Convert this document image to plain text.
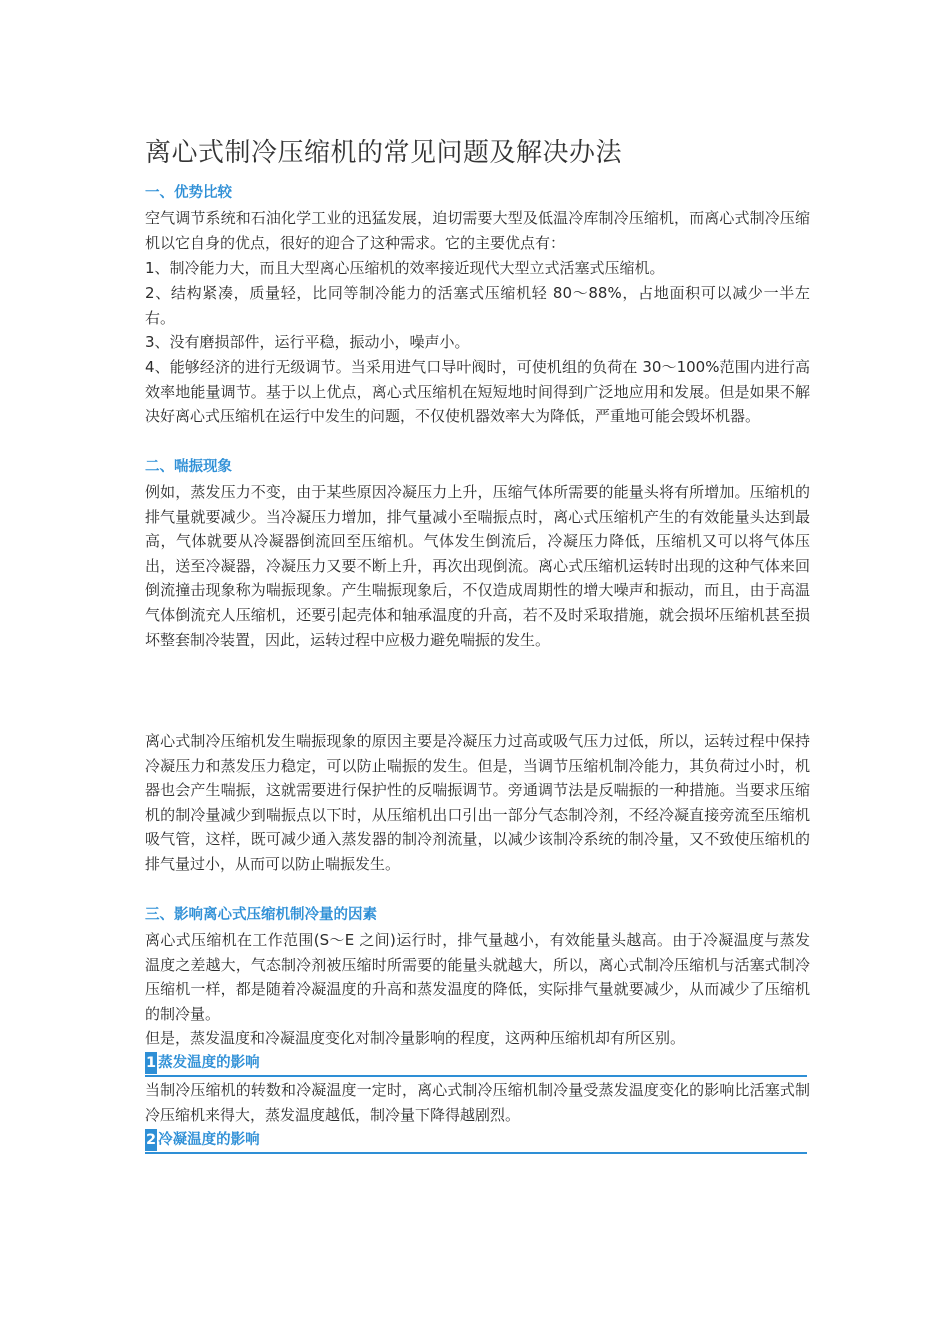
离心式制冷压缩机的常见问题及解决办法
一、优势比较
空气调节系统和石油化学工业的迅猛发展，迫切需要大型及低温冷库制冷压缩机，而离心式制冷压缩机以它自身的优点，很好的迎合了这种需求。它的主要优点有：
1、制冷能力大，而且大型离心压缩机的效率接近现代大型立式活塞式压缩机。
2、结构紧凑，质量轻，比同等制冷能力的活塞式压缩机轻 80～88%，占地面积可以减少一半左右。
3、没有磨损部件，运行平稳，振动小，噪声小。
4、能够经济的进行无级调节。当采用进气口导叶阀时，可使机组的负荷在 30～100%范围内进行高效率地能量调节。基于以上优点，离心式压缩机在短短地时间得到广泛地应用和发展。但是如果不解决好离心式压缩机在运行中发生的问题，不仅使机器效率大为降低，严重地可能会毁坏机器。
二、喘振现象
例如，蒸发压力不变，由于某些原因冷凝压力上升，压缩气体所需要的能量头将有所增加。压缩机的排气量就要减少。当冷凝压力增加，排气量减小至喘振点时，离心式压缩机产生的有效能量头达到最高，气体就要从冷凝器倒流回至压缩机。气体发生倒流后，冷凝压力降低，压缩机又可以将气体压出，送至冷凝器，冷凝压力又要不断上升，再次出现倒流。离心式压缩机运转时出现的这种气体来回倒流撞击现象称为喘振现象。产生喘振现象后，不仅造成周期性的增大噪声和振动，而且，由于高温气体倒流充人压缩机，还要引起壳体和轴承温度的升高，若不及时采取措施，就会损坏压缩机甚至损坏整套制冷装置，因此，运转过程中应极力避免喘振的发生。
离心式制冷压缩机发生喘振现象的原因主要是冷凝压力过高或吸气压力过低，所以，运转过程中保持冷凝压力和蒸发压力稳定，可以防止喘振的发生。但是，当调节压缩机制冷能力，其负荷过小时，机器也会产生喘振，这就需要进行保护性的反喘振调节。旁通调节法是反喘振的一种措施。当要求压缩机的制冷量减少到喘振点以下时，从压缩机出口引出一部分气态制冷剂，不经冷凝直接旁流至压缩机吸气管，这样，既可减少通入蒸发器的制冷剂流量，以减少该制冷系统的制冷量，又不致使压缩机的排气量过小，从而可以防止喘振发生。
三、影响离心式压缩机制冷量的因素
离心式压缩机在工作范围(S～E 之间)运行时，排气量越小，有效能量头越高。由于冷凝温度与蒸发温度之差越大，气态制冷剂被压缩时所需要的能量头就越大，所以，离心式制冷压缩机与活塞式制冷压缩机一样，都是随着冷凝温度的升高和蒸发温度的降低，实际排气量就要减少，从而减少了压缩机的制冷量。
但是，蒸发温度和冷凝温度变化对制冷量影响的程度，这两种压缩机却有所区别。
1 蒸发温度的影响
当制冷压缩机的转数和冷凝温度一定时，离心式制冷压缩机制冷量受蒸发温度变化的影响比活塞式制冷压缩机来得大，蒸发温度越低，制冷量下降得越剧烈。
2 冷凝温度的影响
